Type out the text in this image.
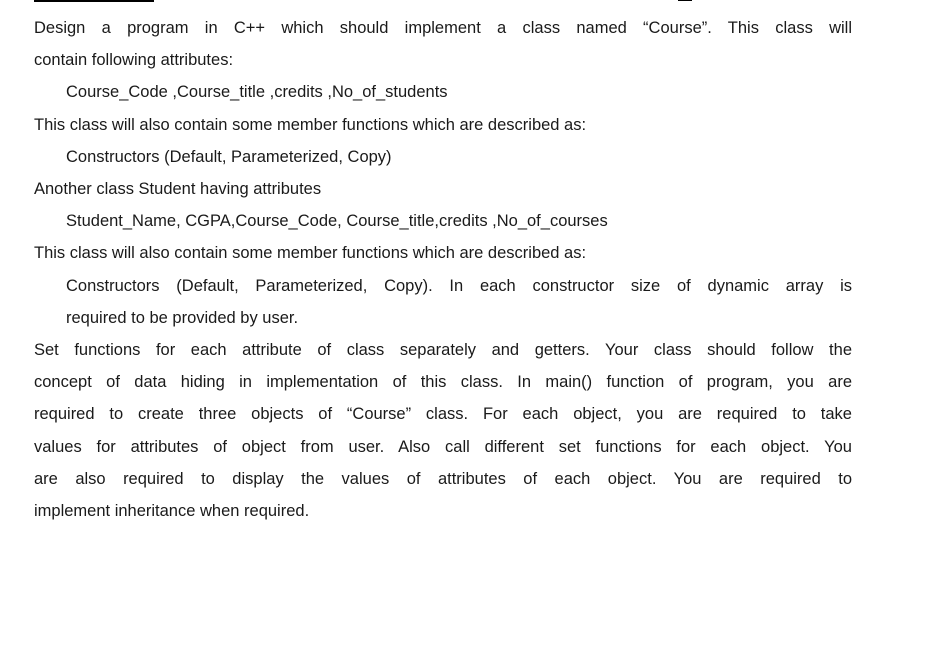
Design a program in C++ which should implement a class named “Course”. This class will

contain following attributes:

Course_Code ,Course_title ,credits ,No_of_students

This class will also contain some member functions which are described as:

Constructors (Default, Parameterized, Copy)

Another class Student having attributes

Student_Name, CGPA,Course_Code, Course_title,credits ,No_of_courses

This class will also contain some member functions which are described as:

Constructors (Default, Parameterized, Copy). In each constructor size of dynamic array is
required to be provided by user.

Set functions for each attribute of class separately and getters. Your class should follow the

concept of data hiding in implementation of this class. In main() function of program, you are

required to create three objects of “Course” class. For each object, you are required to take

values for attributes of object from user. Also call different set functions for each object. You

are also required to display the values of attributes of each object. You are required to

implement inheritance when required.
